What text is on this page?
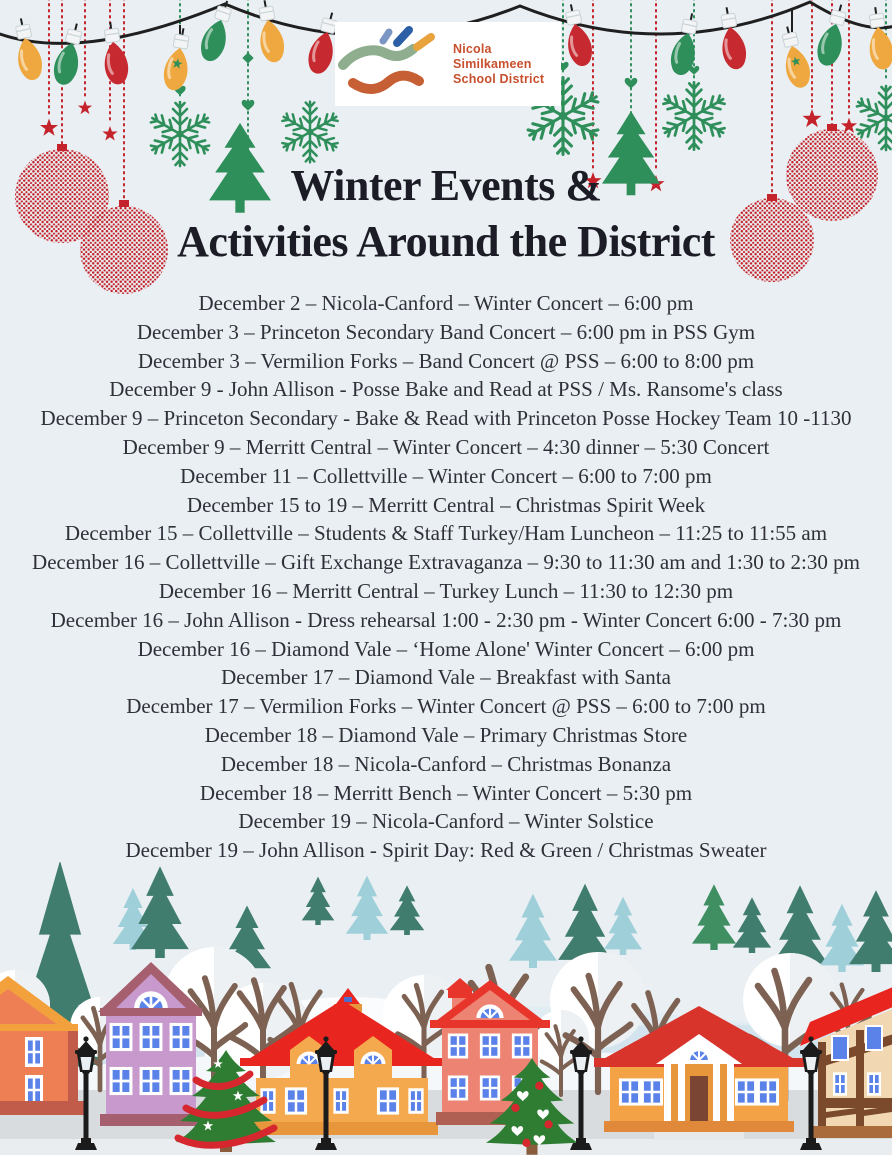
Nicola
Similkameen
School District
Winter Events &
Activities Around the District
December 2 – Nicola-Canford – Winter Concert – 6:00 pm
December 3 – Princeton Secondary Band Concert – 6:00 pm in PSS Gym
December 3 – Vermilion Forks – Band Concert @ PSS – 6:00 to 8:00 pm
December 9 - John Allison - Posse Bake and Read at PSS / Ms. Ransome's class
December 9 – Princeton Secondary - Bake & Read with Princeton Posse Hockey Team 10 -1130
December 9 – Merritt Central – Winter Concert – 4:30 dinner – 5:30 Concert
December 11 – Collettville – Winter Concert – 6:00 to 7:00 pm
December 15 to 19 – Merritt Central – Christmas Spirit Week
December 15 – Collettville – Students & Staff Turkey/Ham Luncheon – 11:25 to 11:55 am
December 16 – Collettville – Gift Exchange Extravaganza – 9:30 to 11:30 am and 1:30 to 2:30 pm
December 16 – Merritt Central – Turkey Lunch – 11:30 to 12:30 pm
December 16 – John Allison - Dress rehearsal 1:00 - 2:30 pm - Winter Concert 6:00 - 7:30 pm
December 16 – Diamond Vale – ‘Home Alone' Winter Concert – 6:00 pm
December 17 – Diamond Vale – Breakfast with Santa
December 17 – Vermilion Forks – Winter Concert @ PSS – 6:00 to 7:00 pm
December 18 – Diamond Vale – Primary Christmas Store
December 18 – Nicola-Canford – Christmas Bonanza
December 18 – Merritt Bench – Winter Concert – 5:30 pm
December 19 – Nicola-Canford – Winter Solstice
December 19 – John Allison - Spirit Day: Red & Green / Christmas Sweater
